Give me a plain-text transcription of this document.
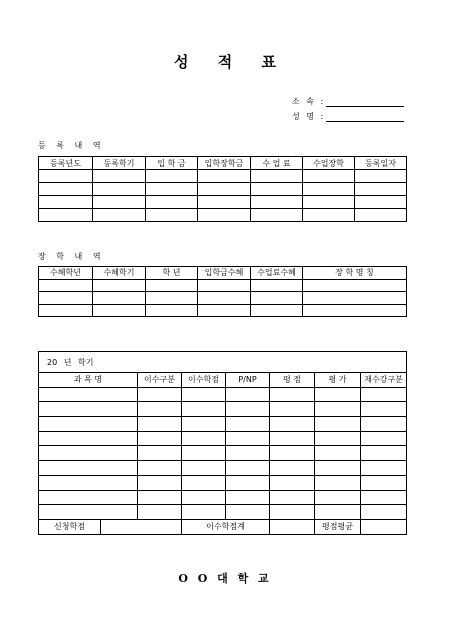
성 적 표
소 속 :
성 명 :
등 록 내 역
등록년도	등록학기	입 학 금	입학장학금	수 업 료	수업장학	등록일자

장 학 내 역
수혜학년	수혜학기	학 년	입학금수혜	수업료수혜	장 학 명 칭

20 년 학기							
과 목 명		이수구분	이수학점	P/NP	평 점	평 가	재수강구분

신청학점			이수학점계			평점평균	
O O 대 학 교
